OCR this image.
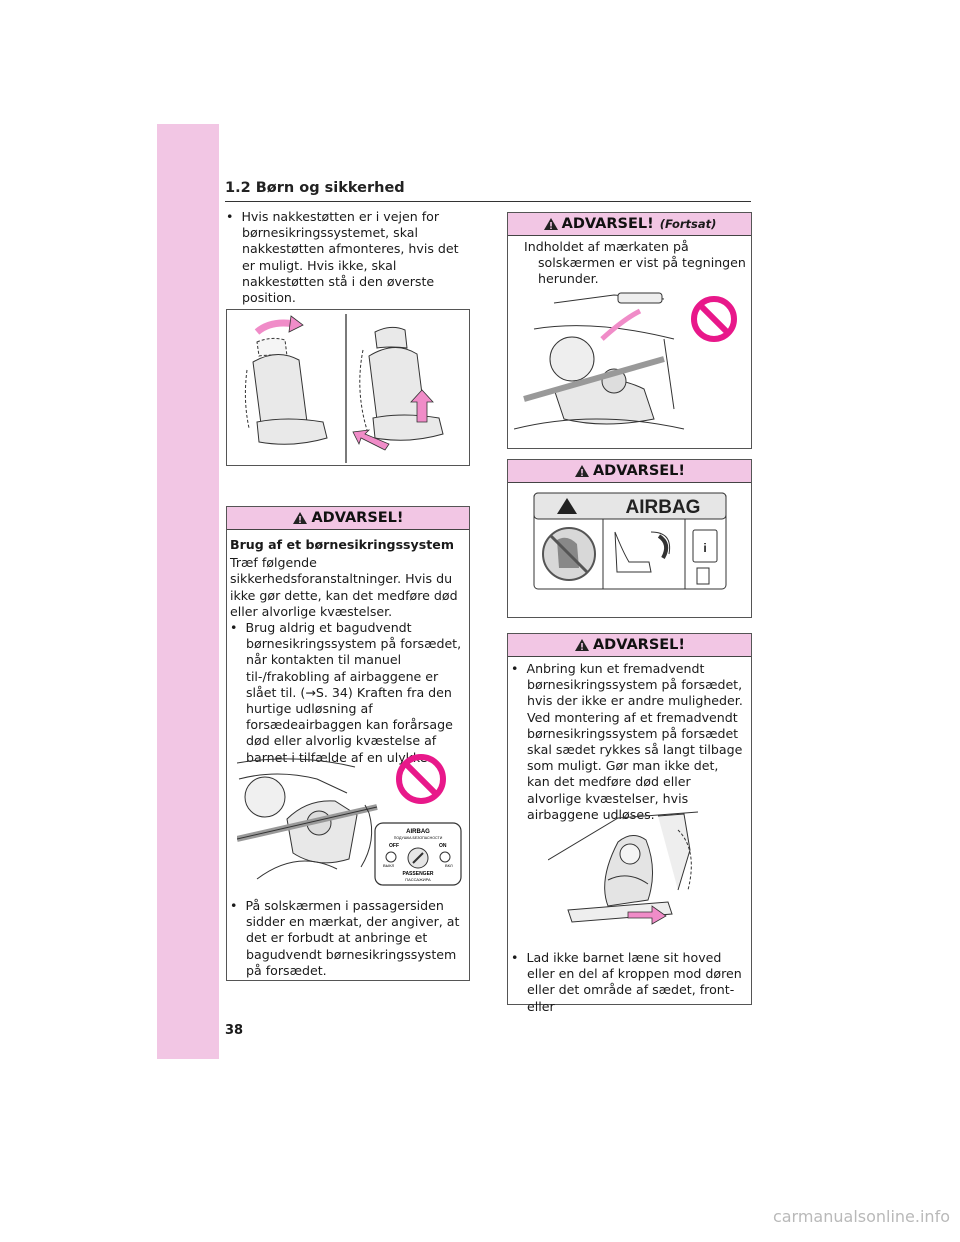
1.2 Børn og sikkerhed
38

• Hvis nakkestøtten er i vejen for børnesikringssystemet, skal nakkestøtten afmonteres, hvis det er muligt. Hvis ikke, skal nakkestøtten stå i den øverste position.

ADVARSEL!
Brug af et børnesikringssystem
Træf følgende sikkerhedsforanstaltninger. Hvis du ikke gør dette, kan det medføre død eller alvorlige kvæstelser.

• Brug aldrig et bagudvendt børnesikringssystem på forsædet, når kontakten til manuel til-/frakobling af airbaggene er slået til. (→S. 34) Kraften fra den hurtige udløsning af forsædeairbaggen kan forårsage død eller alvorlig kvæstelse af barnet i tilfælde af en ulykke.

AIRBAG
ПОДУШКА БЕЗОПАСНОСТИ
OFF	ON
ВЫКЛ	ВКЛ
PASSENGER
ПАССАЖИРА

• På solskærmen i passagersiden sidder en mærkat, der angiver, at det er forbudt at anbringe et bagudvendt børnesikringssystem på forsædet.

ADVARSEL! (Fortsat)
Indholdet af mærkaten på solskærmen er vist på tegningen herunder.
ADVARSEL!
AIRBAG
i
ADVARSEL!

• Anbring kun et fremadvendt børnesikringssystem på forsædet, hvis der ikke er andre muligheder. Ved montering af et fremadvendt børnesikringssystem på forsædet skal sædet rykkes så langt tilbage som muligt. Gør man ikke det, kan det medføre død eller alvorlige kvæstelser, hvis airbaggene udløses.

• Lad ikke barnet læne sit hoved eller en del af kroppen mod døren eller det område af sædet, front- eller

carmanualsonline.info
